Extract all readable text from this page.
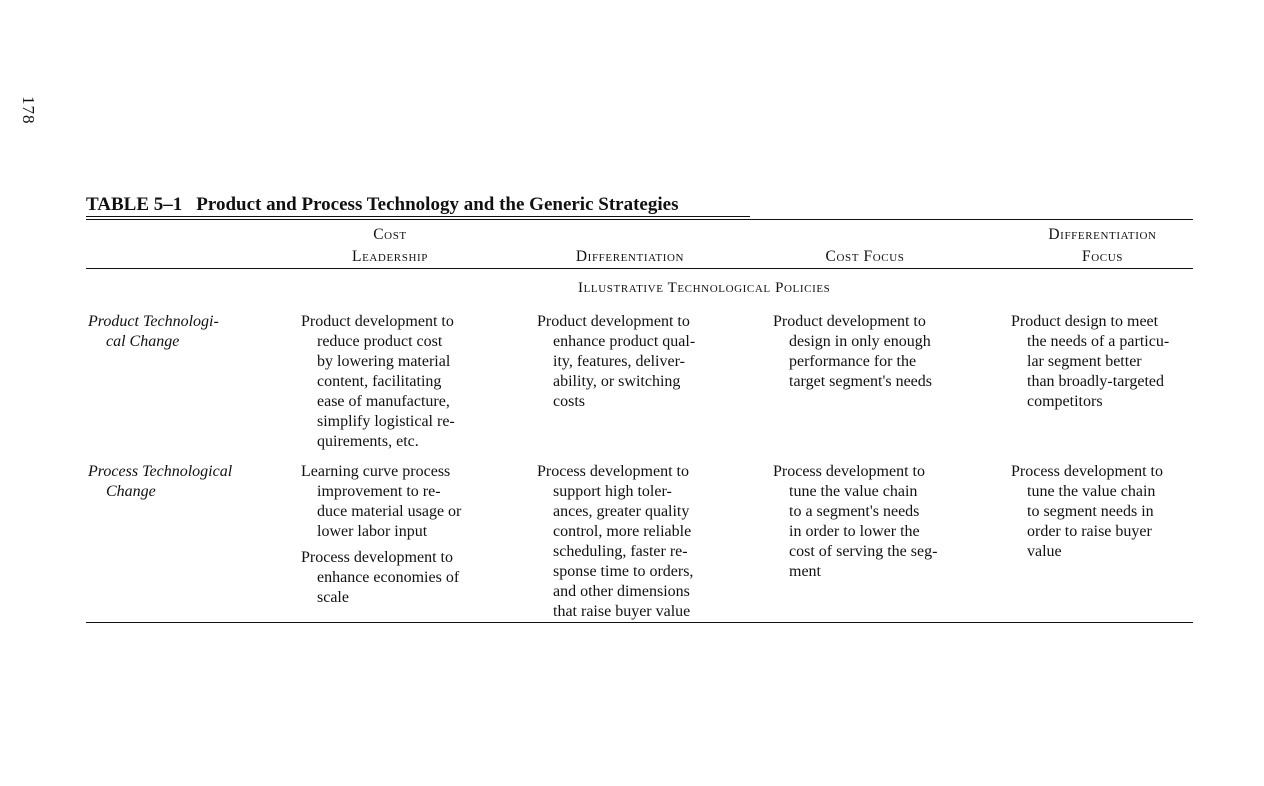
178
TABLE 5–1 Product and Process Technology and the Generic Strategies
Cost
Leadership
	Differentiation
	Cost Focus
Differentiation
Focus
Illustrative Technological Policies
Product Technologi-
cal Change
Product development to
reduce product cost
by lowering material
content, facilitating
ease of manufacture,
simplify logistical re-
quirements, etc.
Product development to
enhance product qual-
ity, features, deliver-
ability, or switching
costs
Product development to
design in only enough
performance for the
target segment's needs
Product design to meet
the needs of a particu-
lar segment better
than broadly-targeted
competitors
Process Technological
Change
Learning curve process
improvement to re-
duce material usage or
lower labor input
Process development to
enhance economies of
scale
Process development to
support high toler-
ances, greater quality
control, more reliable
scheduling, faster re-
sponse time to orders,
and other dimensions
that raise buyer value
Process development to
tune the value chain
to a segment's needs
in order to lower the
cost of serving the seg-
ment
Process development to
tune the value chain
to segment needs in
order to raise buyer
value
